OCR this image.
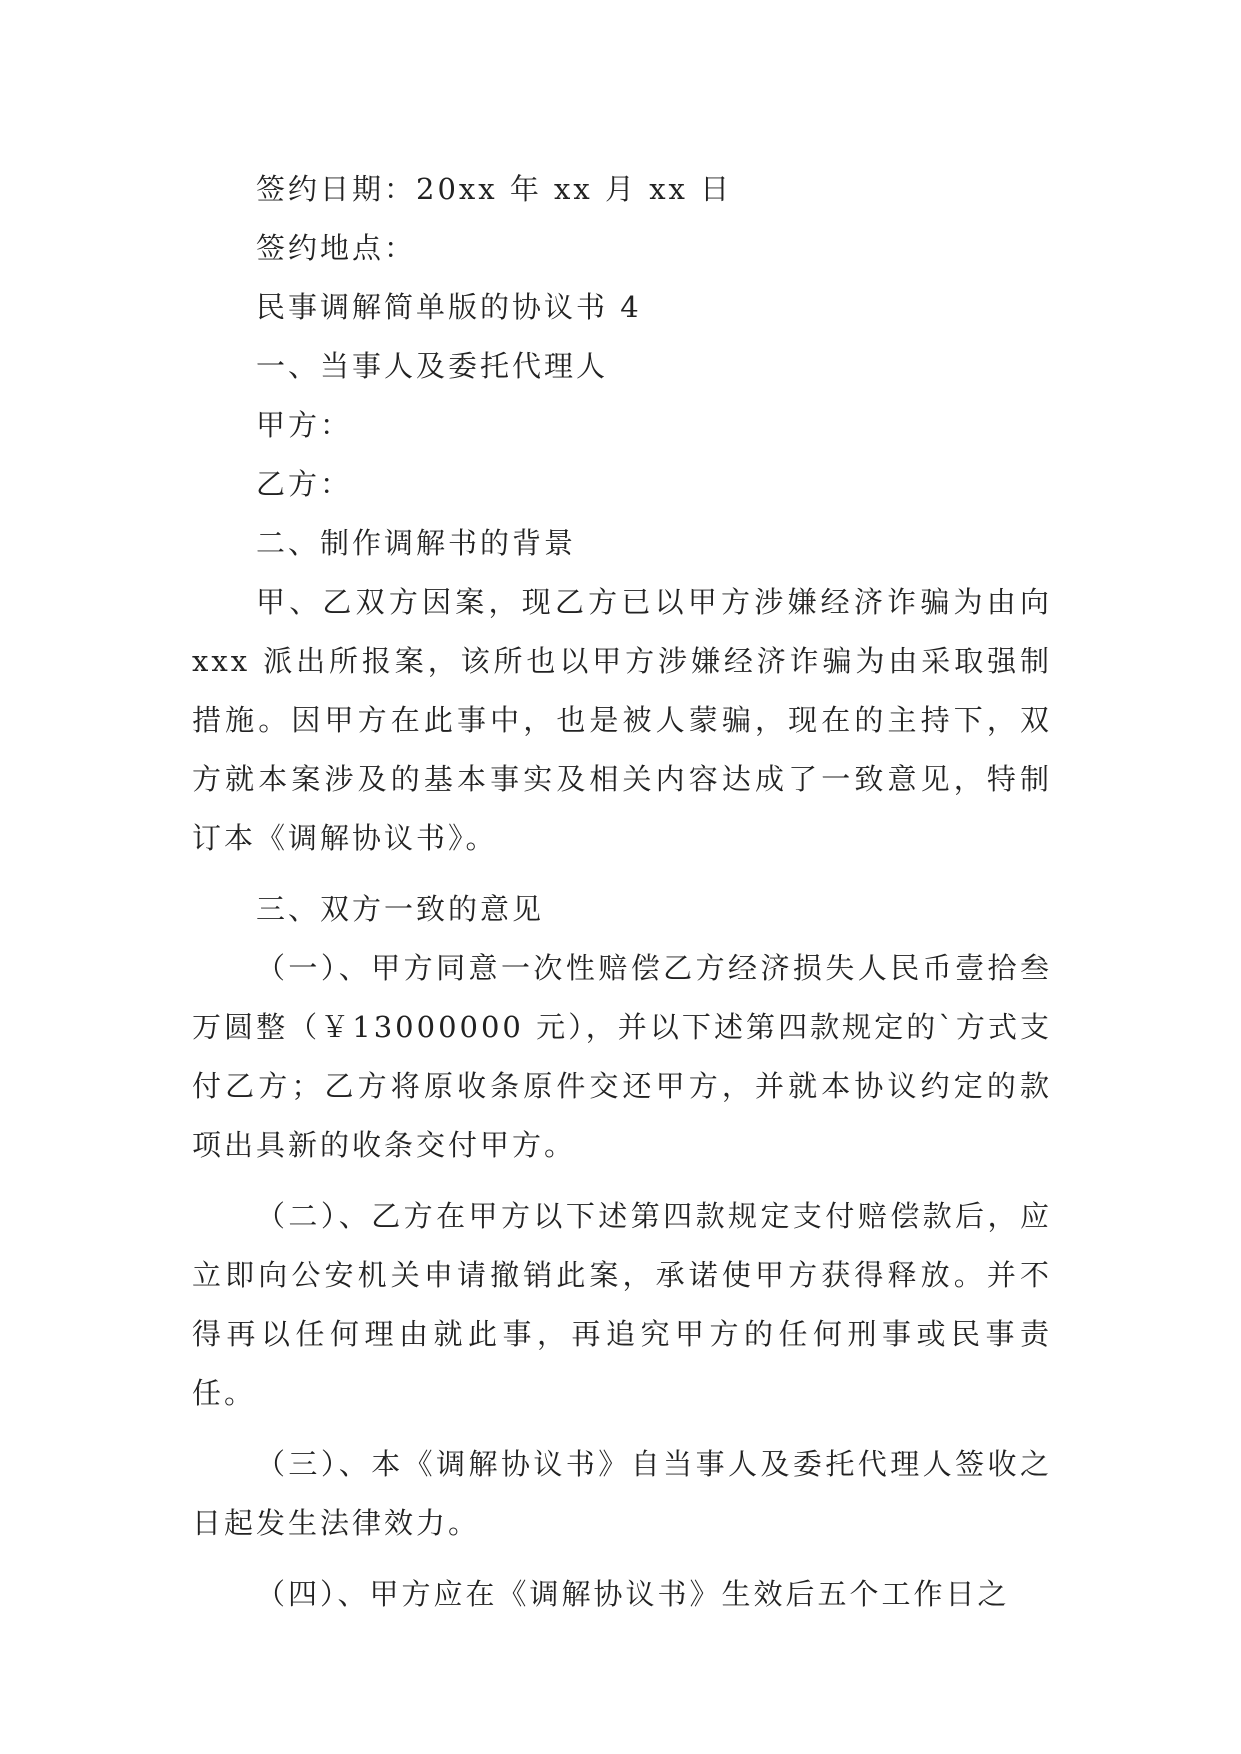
签约日期：20xx 年 xx 月 xx 日

签约地点：

民事调解简单版的协议书 4

一、当事人及委托代理人

甲方：

乙方：

二、制作调解书的背景

甲、乙双方因案，现乙方已以甲方涉嫌经济诈骗为由向 xxx 派出所报案，该所也以甲方涉嫌经济诈骗为由采取强制措施。因甲方在此事中，也是被人蒙骗，现在的主持下，双方就本案涉及的基本事实及相关内容达成了一致意见，特制订本《调解协议书》。

三、双方一致的意见

（一）、甲方同意一次性赔偿乙方经济损失人民币壹拾叁万圆整（￥13000000 元），并以下述第四款规定的`方式支付乙方；乙方将原收条原件交还甲方，并就本协议约定的款项出具新的收条交付甲方。

（二）、乙方在甲方以下述第四款规定支付赔偿款后，应立即向公安机关申请撤销此案，承诺使甲方获得释放。并不得再以任何理由就此事，再追究甲方的任何刑事或民事责任。

（三）、本《调解协议书》自当事人及委托代理人签收之日起发生法律效力。

（四）、甲方应在《调解协议书》生效后五个工作日之
